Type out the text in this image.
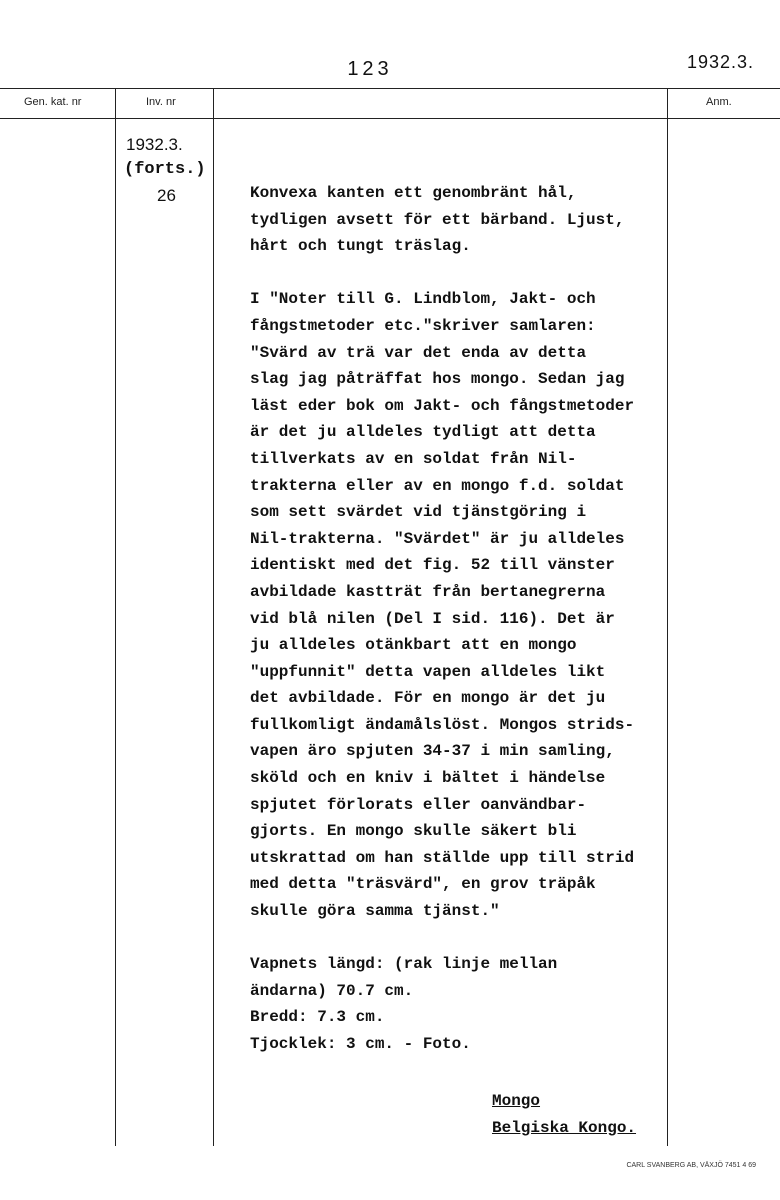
123	1932.3.
Gen. kat. nr	Inv. nr	Anm.
1932.3.
(forts.)
26	Konvexa kanten ett genombränt hål,

tydligen avsett för ett bärband. Ljust,

hårt och tungt träslag.

I "Noter till G. Lindblom, Jakt- och

fångstmetoder etc."skriver samlaren:

"Svärd av trä var det enda av detta

slag jag påträffat hos mongo. Sedan jag

läst eder bok om Jakt- och fångstmetoder

är det ju alldeles tydligt att detta

tillverkats av en soldat från Nil-

trakterna eller av en mongo f.d. soldat

som sett svärdet vid tjänstgöring i

Nil-trakterna. "Svärdet" är ju alldeles

identiskt med det fig. 52 till vänster

avbildade kastträt från bertanegrerna

vid blå nilen (Del I sid. 116). Det är

ju alldeles otänkbart att en mongo

"uppfunnit" detta vapen alldeles likt

det avbildade. För en mongo är det ju

fullkomligt ändamålslöst. Mongos strids-

vapen äro spjuten 34-37 i min samling,

sköld och en kniv i bältet i händelse

spjutet förlorats eller oanvändbar-

gjorts. En mongo skulle säkert bli

utskrattad om han ställde upp till strid

med detta "träsvärd", en grov träpåk

skulle göra samma tjänst."

Vapnets längd: (rak linje mellan

ändarna) 70.7 cm.

Bredd: 7.3 cm.

Tjocklek: 3 cm. - Foto.

Mongo
Belgiska Kongo.
CARL SVANBERG AB, VÄXJÖ 7451 4 69
